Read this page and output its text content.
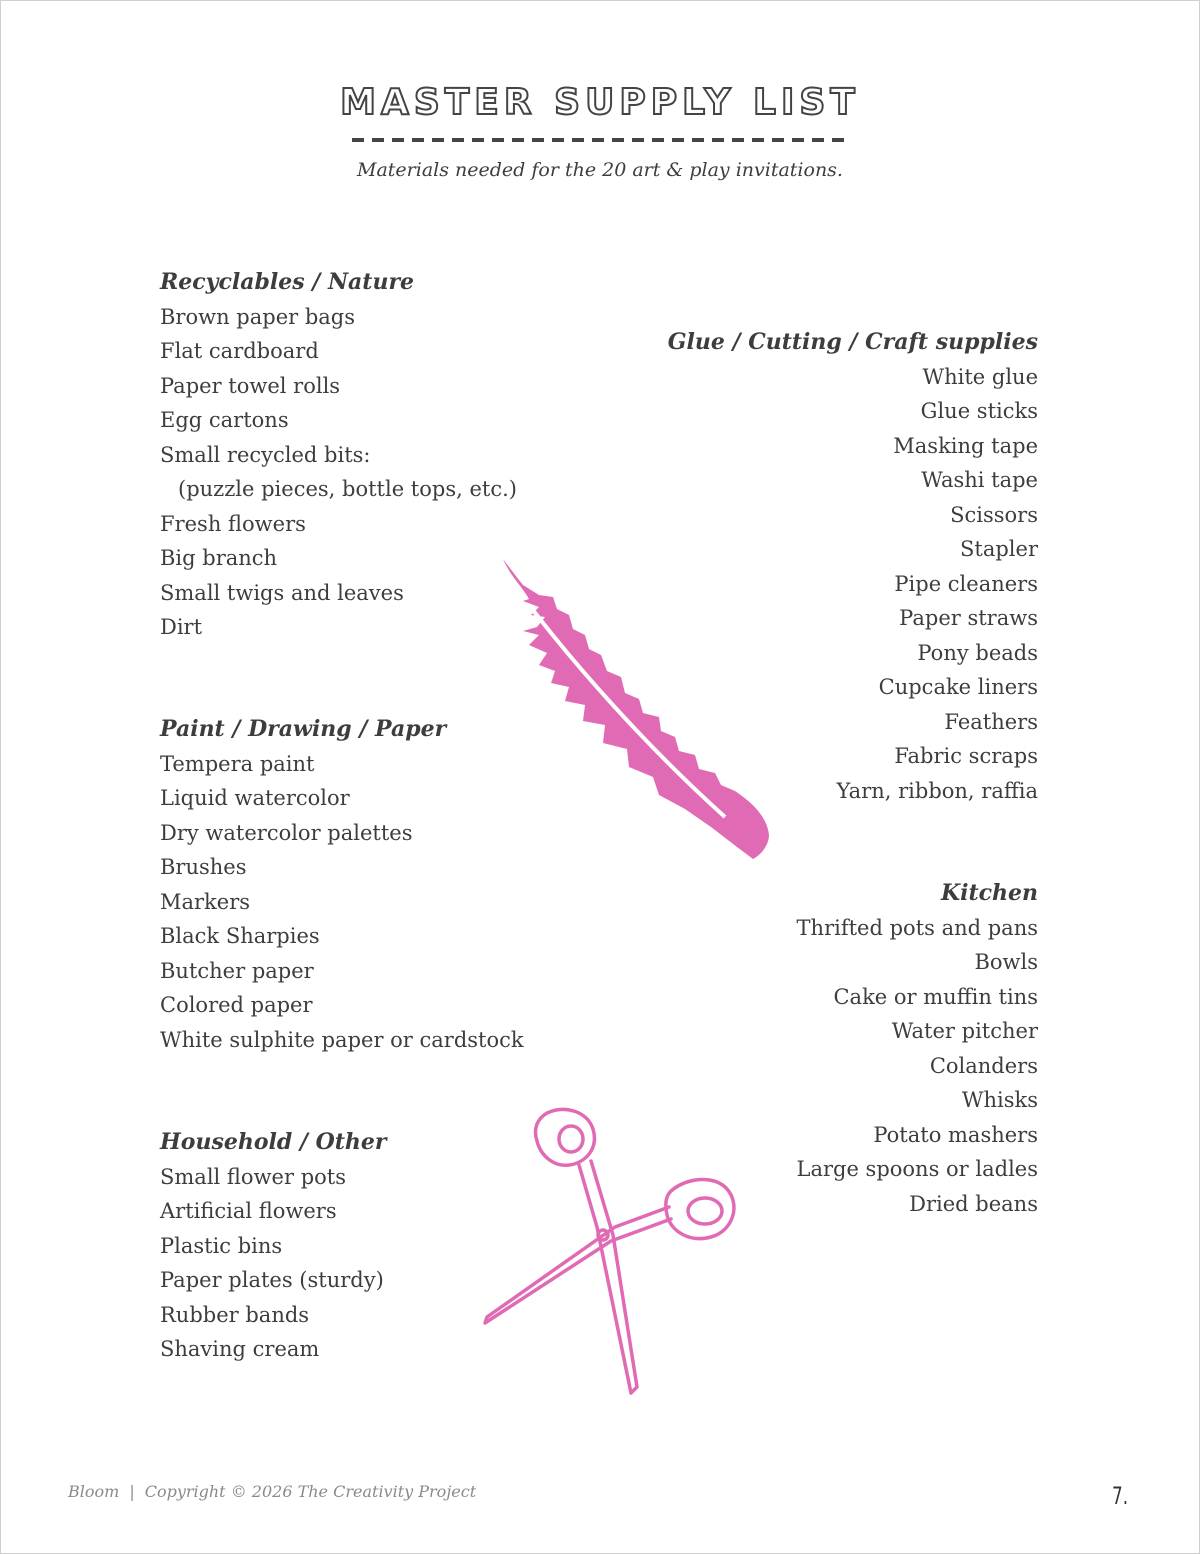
MASTER SUPPLY LIST
Materials needed for the 20 art & play invitations.
Recyclables / Nature
Brown paper bags
Flat cardboard
Paper towel rolls
Egg cartons
Small recycled bits:
(puzzle pieces, bottle tops, etc.)
Fresh flowers
Big branch
Small twigs and leaves
Dirt
Paint / Drawing / Paper
Tempera paint
Liquid watercolor
Dry watercolor palettes
Brushes
Markers
Black Sharpies
Butcher paper
Colored paper
White sulphite paper or cardstock
Household / Other
Small flower pots
Artificial flowers
Plastic bins
Paper plates (sturdy)
Rubber bands
Shaving cream
Glue / Cutting / Craft supplies
White glue
Glue sticks
Masking tape
Washi tape
Scissors
Stapler
Pipe cleaners
Paper straws
Pony beads
Cupcake liners
Feathers
Fabric scraps
Yarn, ribbon, raffia
Kitchen
Thrifted pots and pans
Bowls
Cake or muffin tins
Water pitcher
Colanders
Whisks
Potato mashers
Large spoons or ladles
Dried beans
Bloom | Copyright © 2026 The Creativity Project	7.
